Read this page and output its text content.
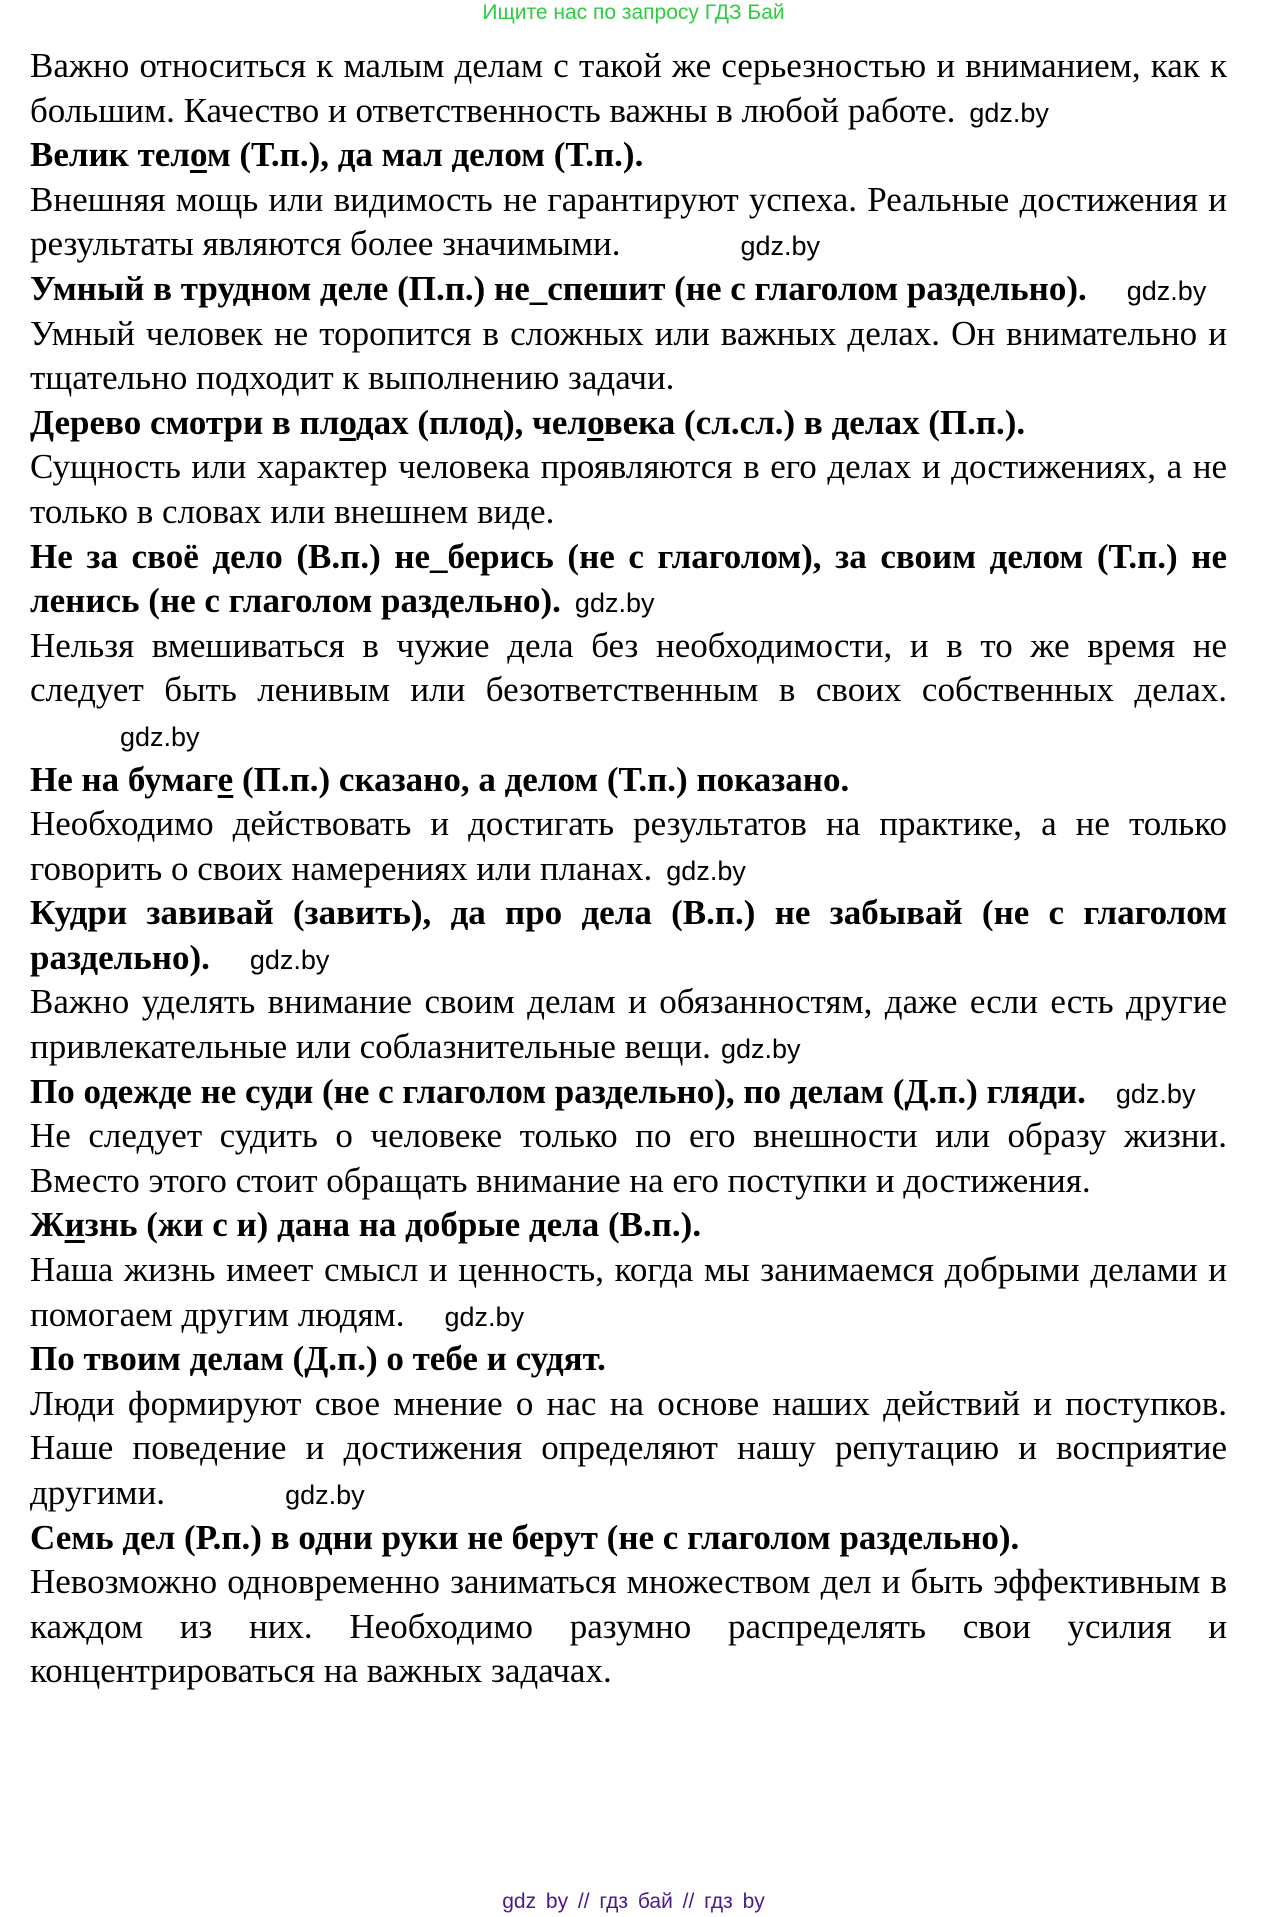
Ищите нас по запросу ГДЗ Бай

Важно относиться к малым делам с такой же серьезностью и вниманием, как к большим. Качество и ответственность важны в любой работе. gdz.by

Велик телом (Т.п.), да мал делом (Т.п.).

Внешняя мощь или видимость не гарантируют успеха. Реальные достижения и результаты являются более значимыми.	gdz.by

Умный в трудном деле (П.п.) не_спешит (не с глаголом раздельно). gdz.by

Умный человек не торопится в сложных или важных делах. Он внимательно и тщательно подходит к выполнению задачи.

Дерево смотри в плодах (плод), человека (сл.сл.) в делах (П.п.).

Сущность или характер человека проявляются в его делах и достижениях, а не только в словах или внешнем виде.

Не за своё дело (В.п.) не_берись (не с глаголом), за своим делом (Т.п.) не ленись (не с глаголом раздельно). gdz.by

Нельзя вмешиваться в чужие дела без необходимости, и в то же время не следует быть ленивым или безответственным в своих собственных делах.gdz.by

Не на бумаге (П.п.) сказано, а делом (Т.п.) показано.

Необходимо действовать и достигать результатов на практике, а не только говорить о своих намерениях или планах. gdz.by

Кудри завивай (завить), да про дела (В.п.) не забывай (не с глаголом раздельно). gdz.by

Важно уделять внимание своим делам и обязанностям, даже если есть другие привлекательные или соблазнительные вещи. gdz.by

По одежде не суди (не с глаголом раздельно), по делам (Д.п.) гляди. gdz.by

Не следует судить о человеке только по его внешности или образу жизни. Вместо этого стоит обращать внимание на его поступки и достижения.

Жизнь (жи с и) дана на добрые дела (В.п.).

Наша жизнь имеет смысл и ценность, когда мы занимаемся добрыми делами и помогаем другим людям. gdz.by

По твоим делам (Д.п.) о тебе и судят.

Люди формируют свое мнение о нас на основе наших действий и поступков. Наше поведение и достижения определяют нашу репутацию и восприятие другими.	gdz.by

Семь дел (Р.п.) в одни руки не берут (не с глаголом раздельно).

Невозможно одновременно заниматься множеством дел и быть эффективным в каждом из них. Необходимо разумно распределять свои усилия и концентрироваться на важных задачах.

gdz by // гдз бай // гдз by
